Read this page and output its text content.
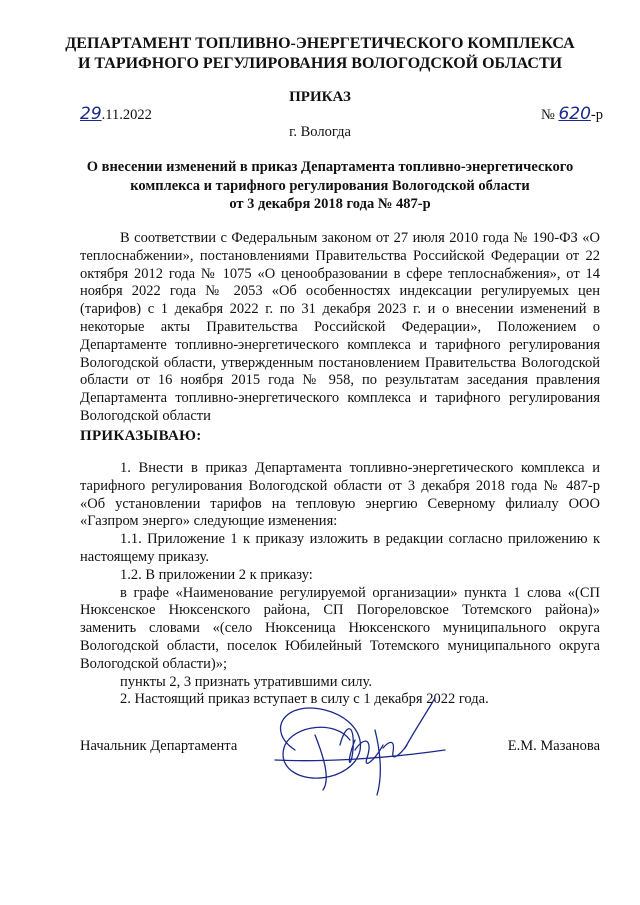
ДЕПАРТАМЕНТ ТОПЛИВНО-ЭНЕРГЕТИЧЕСКОГО КОМПЛЕКСА
И ТАРИФНОГО РЕГУЛИРОВАНИЯ ВОЛОГОДСКОЙ ОБЛАСТИ
ПРИКАЗ
29.11.2022	№ 620-р
г. Вологда
О внесении изменений в приказ Департамента топливно-энергетического
комплекса и тарифного регулирования Вологодской области
от 3 декабря 2018 года № 487-р

В соответствии с Федеральным законом от 27 июля 2010 года № 190-ФЗ «О теплоснабжении», постановлениями Правительства Российской Федерации от 22 октября 2012 года № 1075 «О ценообразовании в сфере теплоснабжения», от 14 ноября 2022 года № 2053 «Об особенностях индексации регулируемых цен (тарифов) с 1 декабря 2022 г. по 31 декабря 2023 г. и о внесении изменений в некоторые акты Правительства Российской Федерации», Положением о Департаменте топливно-энергетического комплекса и тарифного регулирования Вологодской области, утвержденным постановлением Правительства Вологодской области от 16 ноября 2015 года № 958, по результатам заседания правления Департамента топливно-энергетического комплекса и тарифного регулирования Вологодской области

ПРИКАЗЫВАЮ:

1. Внести в приказ Департамента топливно-энергетического комплекса и тарифного регулирования Вологодской области от 3 декабря 2018 года № 487-р «Об установлении тарифов на тепловую энергию Северному филиалу ООО «Газпром энерго» следующие изменения:

1.1. Приложение 1 к приказу изложить в редакции согласно приложению к настоящему приказу.

1.2. В приложении 2 к приказу:

в графе «Наименование регулируемой организации» пункта 1 слова «(СП Нюксенское Нюксенского района, СП Погореловское Тотемского района)» заменить словами «(село Нюксеница Нюксенского муниципального округа Вологодской области, поселок Юбилейный Тотемского муниципального округа Вологодской области)»;

пункты 2, 3 признать утратившими силу.

2. Настоящий приказ вступает в силу с 1 декабря 2022 года.

Начальник Департамента	Е.М. Мазанова
